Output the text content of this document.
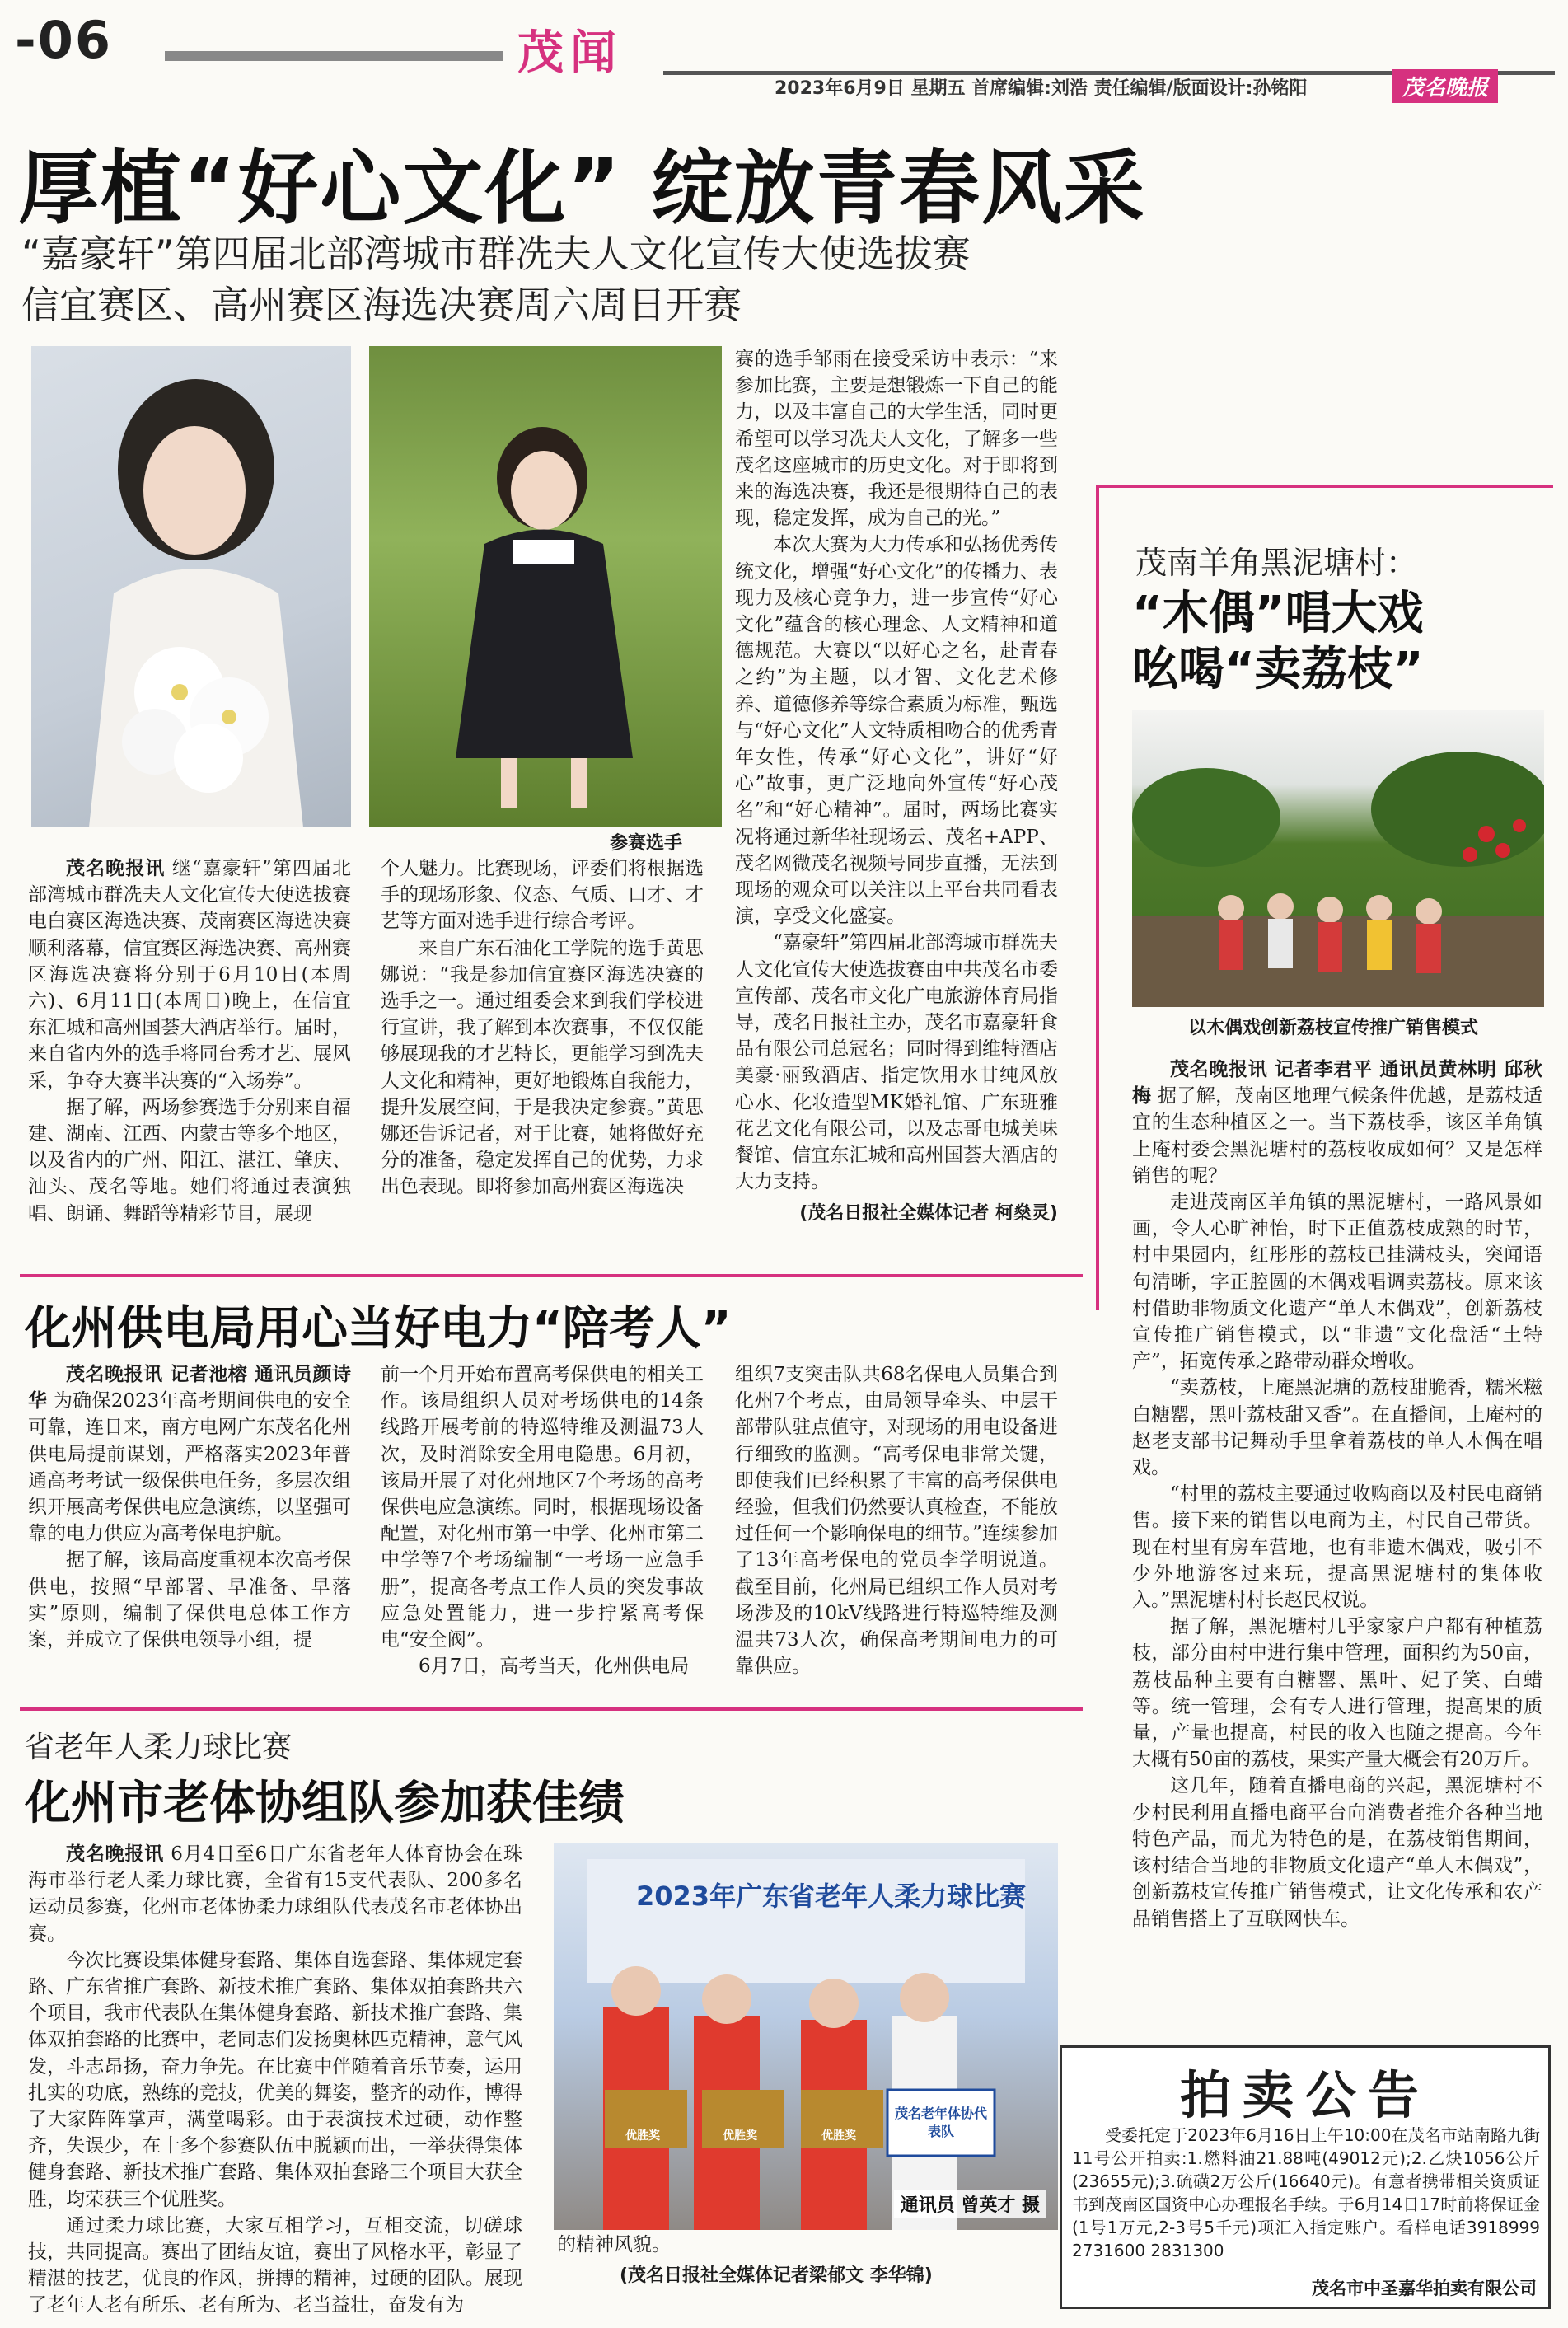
-06	茂闻
2023年6月9日 星期五 首席编辑:刘浩 责任编辑/版面设计:孙铭阳	茂名晚报
厚植“好心文化” 绽放青春风采
“嘉豪轩”第四届北部湾城市群冼夫人文化宣传大使选拔赛
信宜赛区、高州赛区海选决赛周六周日开赛
参赛选手

茂名晚报讯 继“嘉豪轩”第四届北部湾城市群冼夫人文化宣传大使选拔赛电白赛区海选决赛、茂南赛区海选决赛顺利落幕，信宜赛区海选决赛、高州赛区海选决赛将分别于6月10日(本周六)、6月11日(本周日)晚上，在信宜东汇城和高州国荟大酒店举行。届时，来自省内外的选手将同台秀才艺、展风采，争夺大赛半决赛的“入场券”。

据了解，两场参赛选手分别来自福建、湖南、江西、内蒙古等多个地区，以及省内的广州、阳江、湛江、肇庆、汕头、茂名等地。她们将通过表演独唱、朗诵、舞蹈等精彩节目，展现

个人魅力。比赛现场，评委们将根据选手的现场形象、仪态、气质、口才、才艺等方面对选手进行综合考评。

来自广东石油化工学院的选手黄思娜说：“我是参加信宜赛区海选决赛的选手之一。通过组委会来到我们学校进行宣讲，我了解到本次赛事，不仅仅能够展现我的才艺特长，更能学习到冼夫人文化和精神，更好地锻炼自我能力，提升发展空间，于是我决定参赛。”黄思娜还告诉记者，对于比赛，她将做好充分的准备，稳定发挥自己的优势，力求出色表现。即将参加高州赛区海选决

赛的选手邹雨在接受采访中表示：“来参加比赛，主要是想锻炼一下自己的能力，以及丰富自己的大学生活，同时更希望可以学习冼夫人文化，了解多一些茂名这座城市的历史文化。对于即将到来的海选决赛，我还是很期待自己的表现，稳定发挥，成为自己的光。”

本次大赛为大力传承和弘扬优秀传统文化，增强“好心文化”的传播力、表现力及核心竞争力，进一步宣传“好心文化”蕴含的核心理念、人文精神和道德规范。大赛以“以好心之名，赴青春之约”为主题，以才智、文化艺术修养、道德修养等综合素质为标准，甄选与“好心文化”人文特质相吻合的优秀青年女性，传承“好心文化”，讲好“好心”故事，更广泛地向外宣传“好心茂名”和“好心精神”。届时，两场比赛实况将通过新华社现场云、茂名+APP、茂名网微茂名视频号同步直播，无法到现场的观众可以关注以上平台共同看表演，享受文化盛宴。

“嘉豪轩”第四届北部湾城市群冼夫人文化宣传大使选拔赛由中共茂名市委宣传部、茂名市文化广电旅游体育局指导，茂名日报社主办，茂名市嘉豪轩食品有限公司总冠名；同时得到维特酒店美豪·丽致酒店、指定饮用水甘纯风放心水、化妆造型MK婚礼馆、广东班雅花艺文化有限公司，以及志哥电城美味餐馆、信宜东汇城和高州国荟大酒店的大力支持。

(茂名日报社全媒体记者 柯燊灵)

化州供电局用心当好电力“陪考人”

茂名晚报讯 记者池榕 通讯员颜诗华 为确保2023年高考期间供电的安全可靠，连日来，南方电网广东茂名化州供电局提前谋划，严格落实2023年普通高考考试一级保供电任务，多层次组织开展高考保供电应急演练，以坚强可靠的电力供应为高考保电护航。

据了解，该局高度重视本次高考保供电，按照“早部署、早准备、早落实”原则，编制了保供电总体工作方案，并成立了保供电领导小组，提

前一个月开始布置高考保供电的相关工作。该局组织人员对考场供电的14条线路开展考前的特巡特维及测温73人次，及时消除安全用电隐患。6月初，该局开展了对化州地区7个考场的高考保供电应急演练。同时，根据现场设备配置，对化州市第一中学、化州市第二中学等7个考场编制“一考场一应急手册”，提高各考点工作人员的突发事故应急处置能力，进一步拧紧高考保电“安全阀”。

6月7日，高考当天，化州供电局

组织7支突击队共68名保电人员集合到化州7个考点，由局领导牵头、中层干部带队驻点值守，对现场的用电设备进行细致的监测。“高考保电非常关键，即使我们已经积累了丰富的高考保供电经验，但我们仍然要认真检查，不能放过任何一个影响保电的细节。”连续参加了13年高考保电的党员李学明说道。截至目前，化州局已组织工作人员对考场涉及的10kV线路进行特巡特维及测温共73人次，确保高考期间电力的可靠供应。

省老年人柔力球比赛
化州市老体协组队参加获佳绩

茂名晚报讯 6月4日至6日广东省老年人体育协会在珠海市举行老人柔力球比赛，全省有15支代表队、200多名运动员参赛，化州市老体协柔力球组队代表茂名市老体协出赛。

今次比赛设集体健身套路、集体自选套路、集体规定套路、广东省推广套路、新技术推广套路、集体双拍套路共六个项目，我市代表队在集体健身套路、新技术推广套路、集体双拍套路的比赛中，老同志们发扬奥林匹克精神，意气风发，斗志昂扬，奋力争先。在比赛中伴随着音乐节奏，运用扎实的功底，熟练的竞技，优美的舞姿，整齐的动作，博得了大家阵阵掌声，满堂喝彩。由于表演技术过硬，动作整齐，失误少，在十多个参赛队伍中脱颖而出，一举获得集体健身套路、新技术推广套路、集体双拍套路三个项目大获全胜，均荣获三个优胜奖。

通过柔力球比赛，大家互相学习，互相交流，切磋球技，共同提高。赛出了团结友谊，赛出了风格水平，彰显了精湛的技艺，优良的作风，拼搏的精神，过硬的团队。展现了老年人老有所乐、老有所为、老当益壮，奋发有为

2023年广东省老年人柔力球比赛
优胜奖	优胜奖	优胜奖
茂名老年体协代表队
通讯员 曾英才 摄
的精神风貌。
(茂名日报社全媒体记者梁郁文 李华锦)
茂南羊角黑泥塘村：
“木偶”唱大戏
吆喝“卖荔枝”
以木偶戏创新荔枝宣传推广销售模式

茂名晚报讯 记者李君平 通讯员黄林明 邱秋梅 据了解，茂南区地理气候条件优越，是荔枝适宜的生态种植区之一。当下荔枝季，该区羊角镇上庵村委会黑泥塘村的荔枝收成如何？又是怎样销售的呢？

走进茂南区羊角镇的黑泥塘村，一路风景如画，令人心旷神怡，时下正值荔枝成熟的时节，村中果园内，红彤彤的荔枝已挂满枝头，突闻语句清晰，字正腔圆的木偶戏唱调卖荔枝。原来该村借助非物质文化遗产“单人木偶戏”，创新荔枝宣传推广销售模式，以“非遗”文化盘活“土特产”，拓宽传承之路带动群众增收。

“卖荔枝，上庵黑泥塘的荔枝甜脆香，糯米糍白糖罂，黑叶荔枝甜又香”。在直播间，上庵村的赵老支部书记舞动手里拿着荔枝的单人木偶在唱戏。

“村里的荔枝主要通过收购商以及村民电商销售。接下来的销售以电商为主，村民自己带货。现在村里有房车营地，也有非遗木偶戏，吸引不少外地游客过来玩，提高黑泥塘村的集体收入。”黑泥塘村村长赵民权说。

据了解，黑泥塘村几乎家家户户都有种植荔枝，部分由村中进行集中管理，面积约为50亩，荔枝品种主要有白糖罂、黑叶、妃子笑、白蜡等。统一管理，会有专人进行管理，提高果的质量，产量也提高，村民的收入也随之提高。今年大概有50亩的荔枝，果实产量大概会有20万斤。

这几年，随着直播电商的兴起，黑泥塘村不少村民利用直播电商平台向消费者推介各种当地特色产品，而尤为特色的是，在荔枝销售期间，该村结合当地的非物质文化遗产“单人木偶戏”，创新荔枝宣传推广销售模式，让文化传承和农产品销售搭上了互联网快车。

拍卖公告
受委托定于2023年6月16日上午10:00在茂名市站南路九街11号公开拍卖:1.燃料油21.88吨(49012元);2.乙炔1056公斤(23655元);3.硫磺2万公斤(16640元)。有意者携带相关资质证书到茂南区国资中心办理报名手续。于6月14日17时前将保证金(1号1万元,2-3号5千元)项汇入指定账户。看样电话3918999 2731600 2831300
茂名市中圣嘉华拍卖有限公司
